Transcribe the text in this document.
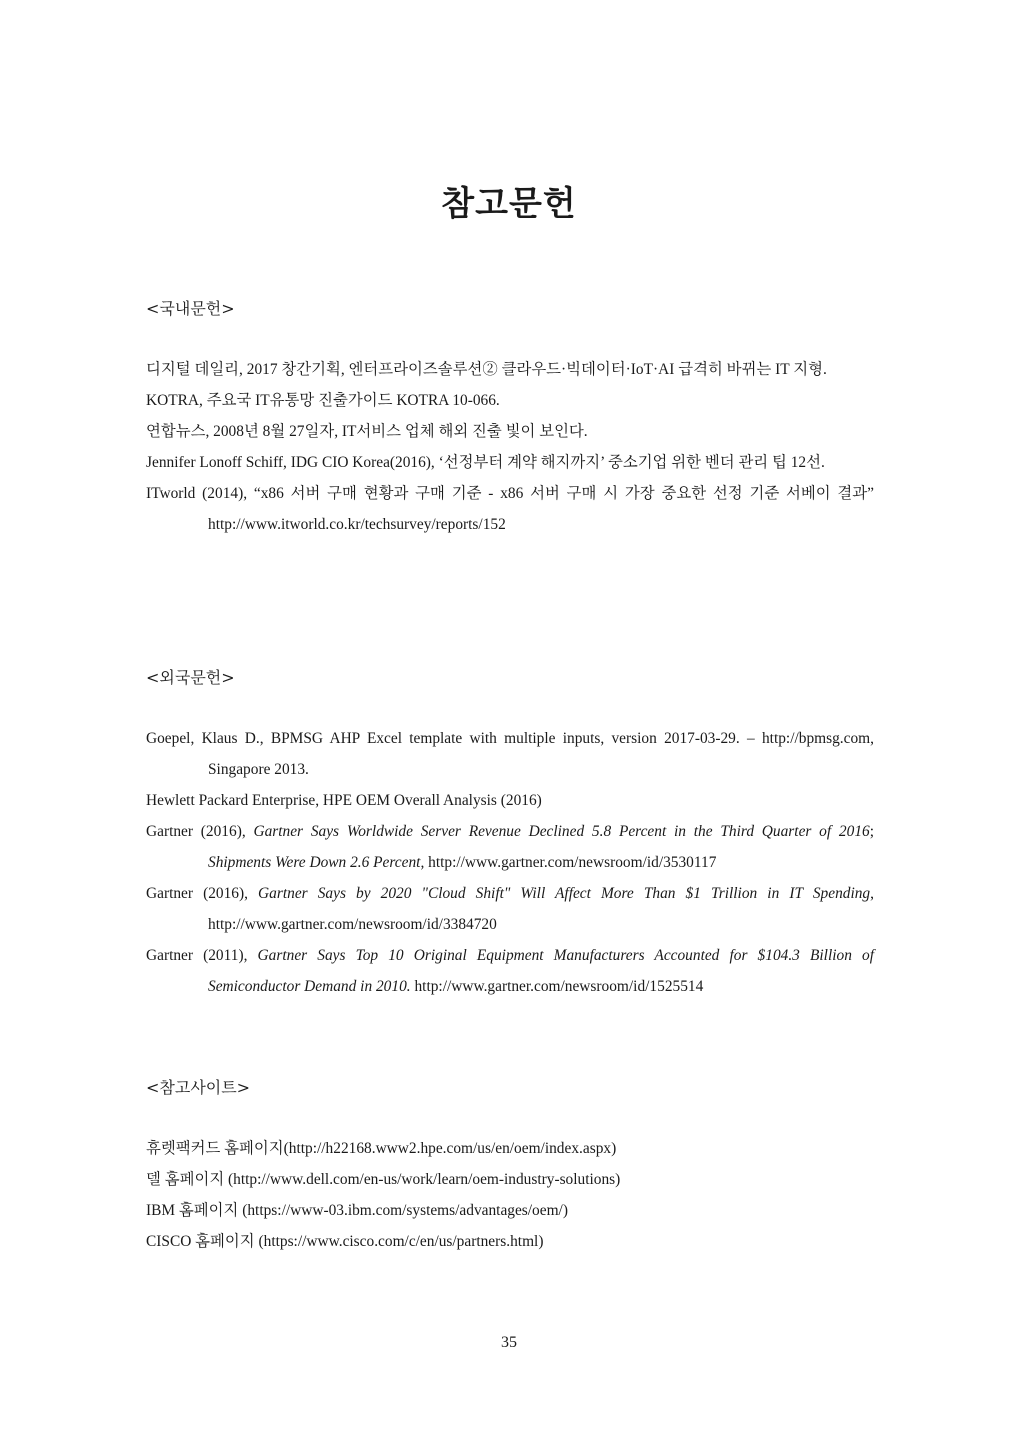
참고문헌
<국내문헌>
디지털 데일리, 2017 창간기획, 엔터프라이즈솔루션② 클라우드·빅데이터·IoT·AI 급격히 바뀌는 IT 지형.
KOTRA, 주요국 IT유통망 진출가이드 KOTRA 10-066.
연합뉴스, 2008년 8월 27일자, IT서비스 업체 해외 진출 빛이 보인다.
Jennifer Lonoff Schiff, IDG CIO Korea(2016), ‘선정부터 계약 해지까지’ 중소기업 위한 벤더 관리 팁 12선.
ITworld (2014), “x86 서버 구매 현황과 구매 기준 - x86 서버 구매 시 가장 중요한 선정 기준 서베이 결과” http://www.itworld.co.kr/techsurvey/reports/152
<외국문헌>
Goepel, Klaus D., BPMSG AHP Excel template with multiple inputs, version 2017-03-29. – http://bpmsg.com, Singapore 2013.
Hewlett Packard Enterprise, HPE OEM Overall Analysis (2016)
Gartner (2016), Gartner Says Worldwide Server Revenue Declined 5.8 Percent in the Third Quarter of 2016; Shipments Were Down 2.6 Percent, http://www.gartner.com/newsroom/id/3530117
Gartner (2016), Gartner Says by 2020 "Cloud Shift" Will Affect More Than $1 Trillion in IT Spending, http://www.gartner.com/newsroom/id/3384720
Gartner (2011), Gartner Says Top 10 Original Equipment Manufacturers Accounted for $104.3 Billion of Semiconductor Demand in 2010. http://www.gartner.com/newsroom/id/1525514
<참고사이트>
휴렛팩커드 홈페이지(http://h22168.www2.hpe.com/us/en/oem/index.aspx)
델 홈페이지 (http://www.dell.com/en-us/work/learn/oem-industry-solutions)
IBM 홈페이지 (https://www-03.ibm.com/systems/advantages/oem/)
CISCO 홈페이지 (https://www.cisco.com/c/en/us/partners.html)
35
